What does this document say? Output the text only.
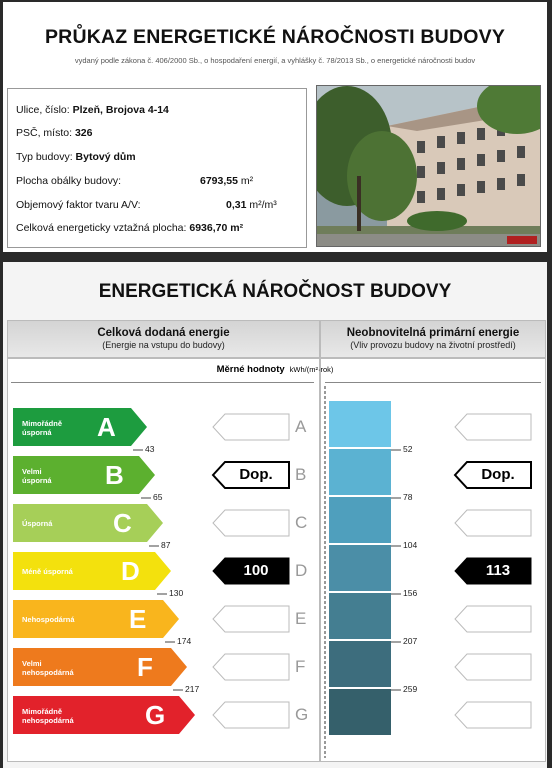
PRŮKAZ ENERGETICKÉ NÁROČNOSTI BUDOVY
vydaný podle zákona č. 406/2000 Sb., o hospodaření energií, a vyhlášky č. 78/2013 Sb., o energetické náročnosti budov
Ulice, číslo: Plzeň, Brojova 4-14
PSČ, místo: 326
Typ budovy: Bytový dům
Plocha obálky budovy:	6793,55 m²
Objemový faktor tvaru A/V:	0,31 m²/m³
Celková energeticky vztažná plocha: 6936,70 m²
ENERGETICKÁ NÁROČNOST BUDOVY
Celková dodaná energie
(Energie na vstupu do budovy)
Neobnovitelná primární energie
(Vliv provozu budovy na životní prostředí)
Měrné hodnoty kWh/(m²·rok)
Mimořádně

úsporná A	A
Velmi

úsporná B	Dop.	B	Dop.
Úsporná C	C
Méně úsporná D	100	D	113
Nehospodárná E	E
Velmi

nehospodárná F	F
Mimořádně

nehospodárná	G	G
43
65
87
130
174
217
52
78
104
156
207
259
